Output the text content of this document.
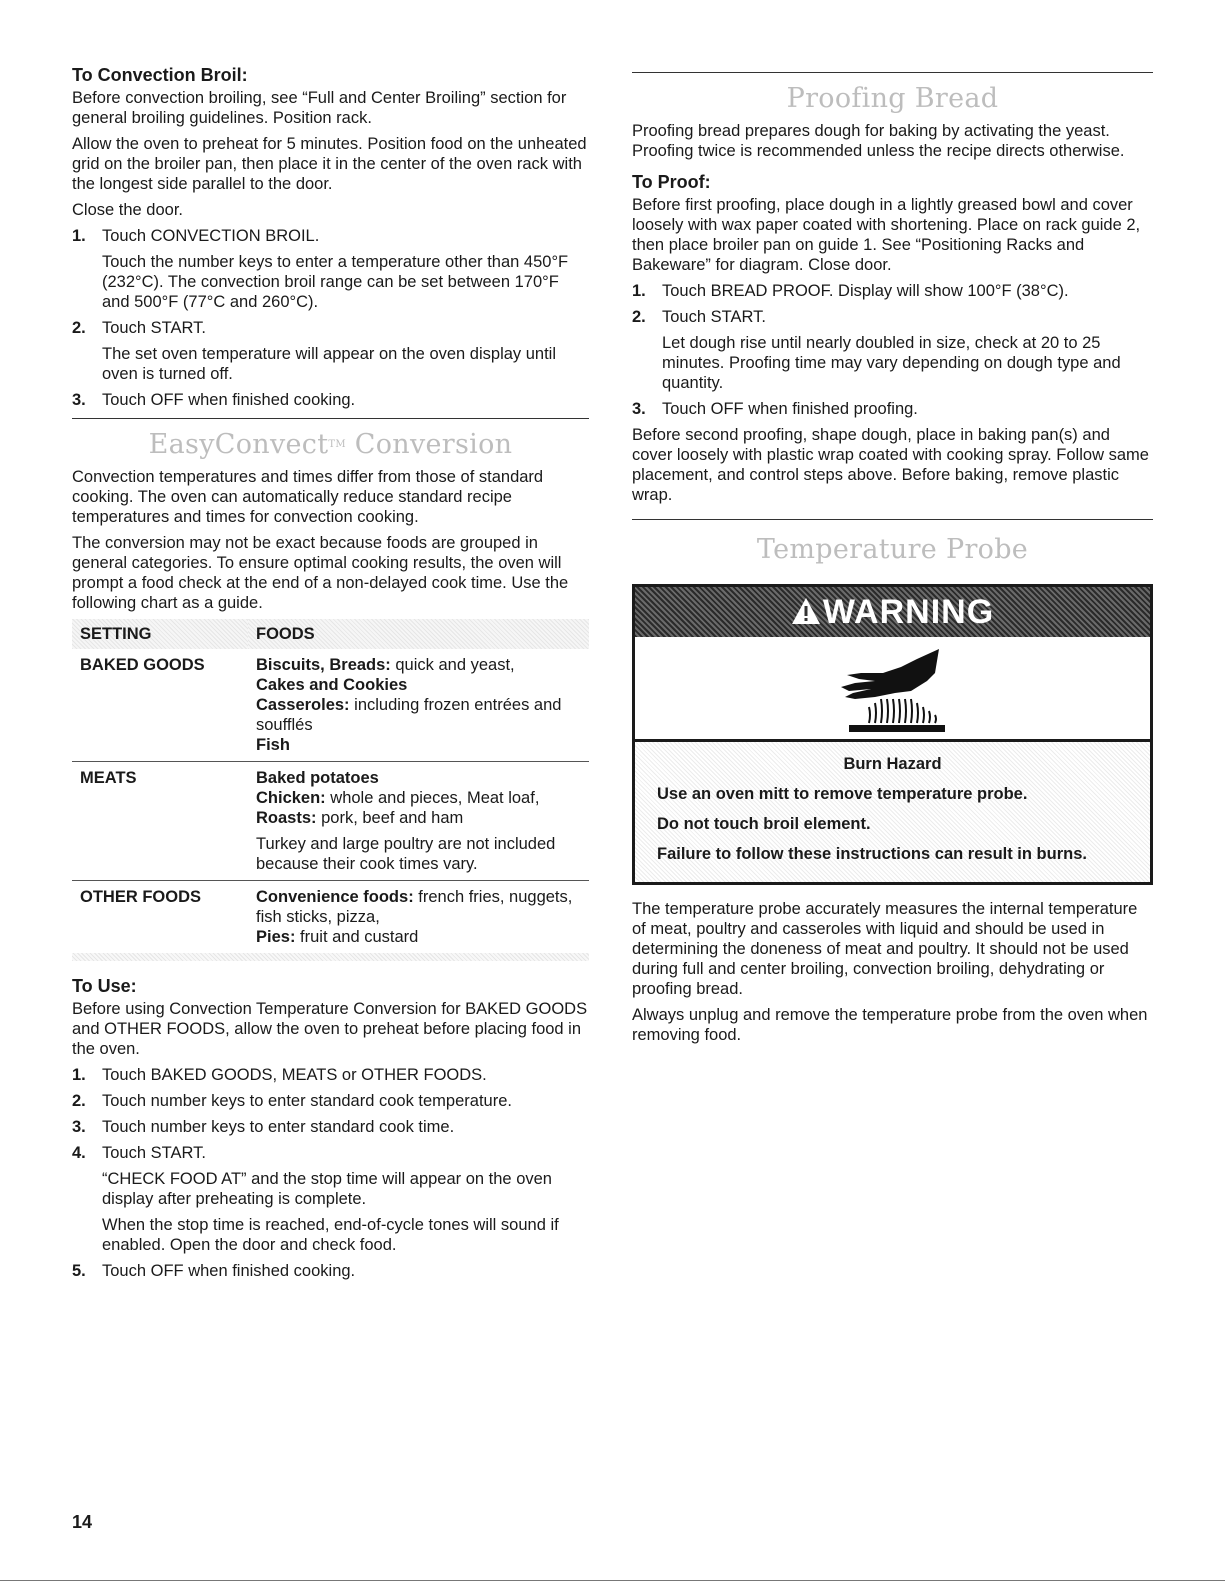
To Convection Broil:

Before convection broiling, see “Full and Center Broiling” section for general broiling guidelines. Position rack.

Allow the oven to preheat for 5 minutes. Position food on the unheated grid on the broiler pan, then place it in the center of the oven rack with the longest side parallel to the door.

Close the door.

1. Touch CONVECTION BROIL.
Touch the number keys to enter a temperature other than 450°F (232°C). The convection broil range can be set between 170°F and 500°F (77°C and 260°C).
2. Touch START.
The set oven temperature will appear on the oven display until oven is turned off.
3. Touch OFF when finished cooking.
EasyConvect™ Conversion

Convection temperatures and times differ from those of standard cooking. The oven can automatically reduce standard recipe temperatures and times for convection cooking.

The conversion may not be exact because foods are grouped in general categories. To ensure optimal cooking results, the oven will prompt a food check at the end of a non-delayed cook time. Use the following chart as a guide.

SETTING	FOODS
BAKED GOODS	Biscuits, Breads: quick and yeast,
Cakes and Cookies
Casseroles: including frozen entrées and soufflés
Fish
MEATS	Baked potatoes
Chicken: whole and pieces, Meat loaf,
Roasts: pork, beef and ham
Turkey and large poultry are not included because their cook times vary.
OTHER FOODS	Convenience foods: french fries, nuggets, fish sticks, pizza,
Pies: fruit and custard
To Use:

Before using Convection Temperature Conversion for BAKED GOODS and OTHER FOODS, allow the oven to preheat before placing food in the oven.

1. Touch BAKED GOODS, MEATS or OTHER FOODS.
2. Touch number keys to enter standard cook temperature.
3. Touch number keys to enter standard cook time.
4. Touch START.
“CHECK FOOD AT” and the stop time will appear on the oven display after preheating is complete.
When the stop time is reached, end-of-cycle tones will sound if enabled. Open the door and check food.
5. Touch OFF when finished cooking.
Proofing Bread

Proofing bread prepares dough for baking by activating the yeast. Proofing twice is recommended unless the recipe directs otherwise.

To Proof:

Before first proofing, place dough in a lightly greased bowl and cover loosely with wax paper coated with shortening. Place on rack guide 2, then place broiler pan on guide 1. See “Positioning Racks and Bakeware” for diagram. Close door.

1. Touch BREAD PROOF. Display will show 100°F (38°C).
2. Touch START.
Let dough rise until nearly doubled in size, check at 20 to 25 minutes. Proofing time may vary depending on dough type and quantity.
3. Touch OFF when finished proofing.

Before second proofing, shape dough, place in baking pan(s) and cover loosely with plastic wrap coated with cooking spray. Follow same placement, and control steps above. Before baking, remove plastic wrap.

Temperature Probe
WARNING

Burn Hazard

Use an oven mitt to remove temperature probe.

Do not touch broil element.

Failure to follow these instructions can result in burns.

The temperature probe accurately measures the internal temperature of meat, poultry and casseroles with liquid and should be used in determining the doneness of meat and poultry. It should not be used during full and center broiling, convection broiling, dehydrating or proofing bread.

Always unplug and remove the temperature probe from the oven when removing food.

14
